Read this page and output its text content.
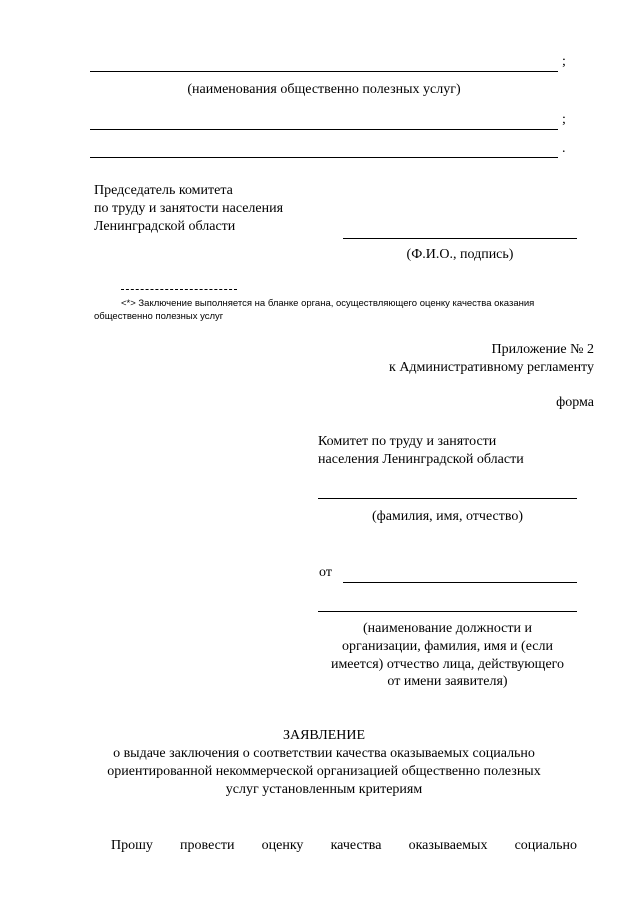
;
(наименования общественно полезных услуг)
;
.
Председатель комитета
по труду и занятости населения
Ленинградской области
(Ф.И.О., подпись)
<*> Заключение выполняется на бланке органа, осуществляющего оценку качества оказания
общественно полезных услуг
Приложение № 2
к Административному регламенту
форма
Комитет по труду и занятости
населения Ленинградской области
(фамилия, имя, отчество)
от
(наименование должности и
организации, фамилия, имя и (если
имеется) отчество лица, действующего
от имени заявителя)
ЗАЯВЛЕНИЕ
о выдаче заключения о соответствии качества оказываемых социально
ориентированной некоммерческой организацией общественно полезных
услуг установленным критериям
Прошу провести оценку качества оказываемых социально
